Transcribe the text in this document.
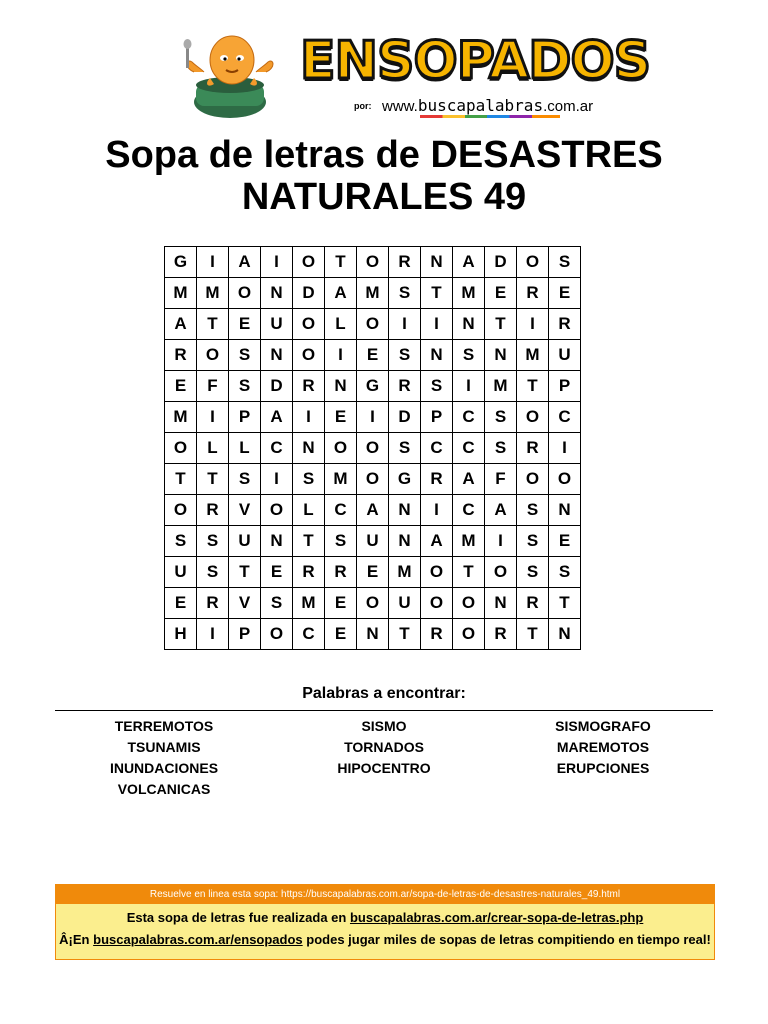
ENSOPADOS
por: www.buscapalabras.com.ar
Sopa de letras de DESASTRES NATURALES 49
G	I	A	I	O	T	O	R	N	A	D	O	S
M	M	O	N	D	A	M	S	T	M	E	R	E
A	T	E	U	O	L	O	I	I	N	T	I	R
R	O	S	N	O	I	E	S	N	S	N	M	U
E	F	S	D	R	N	G	R	S	I	M	T	P
M	I	P	A	I	E	I	D	P	C	S	O	C
O	L	L	C	N	O	O	S	C	C	S	R	I
T	T	S	I	S	M	O	G	R	A	F	O	O
O	R	V	O	L	C	A	N	I	C	A	S	N
S	S	U	N	T	S	U	N	A	M	I	S	E
U	S	T	E	R	R	E	M	O	T	O	S	S
E	R	V	S	M	E	O	U	O	O	N	R	T
H	I	P	O	C	E	N	T	R	O	R	T	N
Palabras a encontrar:
TERREMOTOS
TSUNAMIS
INUNDACIONES
VOLCANICAS
SISMO
TORNADOS
HIPOCENTRO
SISMOGRAFO
MAREMOTOS
ERUPCIONES
Resuelve en linea esta sopa: https://buscapalabras.com.ar/sopa-de-letras-de-desastres-naturales_49.html
Esta sopa de letras fue realizada en buscapalabras.com.ar/crear-sopa-de-letras.php
Â¡En buscapalabras.com.ar/ensopados podes jugar miles de sopas de letras compitiendo en tiempo real!
